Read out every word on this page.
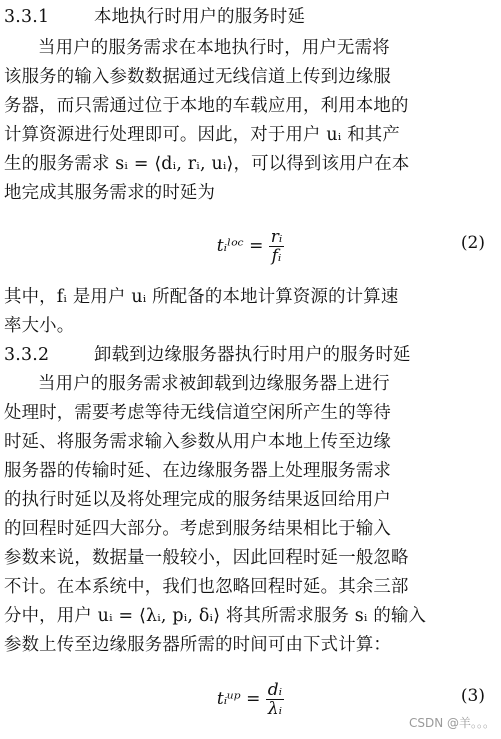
3.3.1	本地执行时用户的服务时延
当用户的服务需求在本地执行时，用户无需将
该服务的输入参数数据通过无线信道上传到边缘服
务器，而只需通过位于本地的车载应用，利用本地的
计算资源进行处理即可。因此，对于用户 uᵢ 和其产
生的服务需求 sᵢ = ⟨dᵢ, rᵢ, uᵢ⟩，可以得到该用户在本
地完成其服务需求的时延为
tᵢˡᵒᶜ = $\frac{\text{rᵢ}}{\text{fᵢ}}$	(2)
其中，fᵢ 是用户 uᵢ 所配备的本地计算资源的计算速
率大小。
3.3.2	卸载到边缘服务器执行时用户的服务时延
当用户的服务需求被卸载到边缘服务器上进行
处理时，需要考虑等待无线信道空闲所产生的等待
时延、将服务需求输入参数从用户本地上传至边缘
服务器的传输时延、在边缘服务器上处理服务需求
的执行时延以及将处理完成的服务结果返回给用户
的回程时延四大部分。考虑到服务结果相比于输入
参数来说，数据量一般较小，因此回程时延一般忽略
不计。在本系统中，我们也忽略回程时延。其余三部
分中，用户 uᵢ = ⟨λᵢ, pᵢ, δᵢ⟩ 将其所需求服务 sᵢ 的输入
参数上传至边缘服务器所需的时间可由下式计算：
tᵢᵘᵖ = $\frac{\text{dᵢ}}{\text{λᵢ}}$	(3)
CSDN @羊。。。
